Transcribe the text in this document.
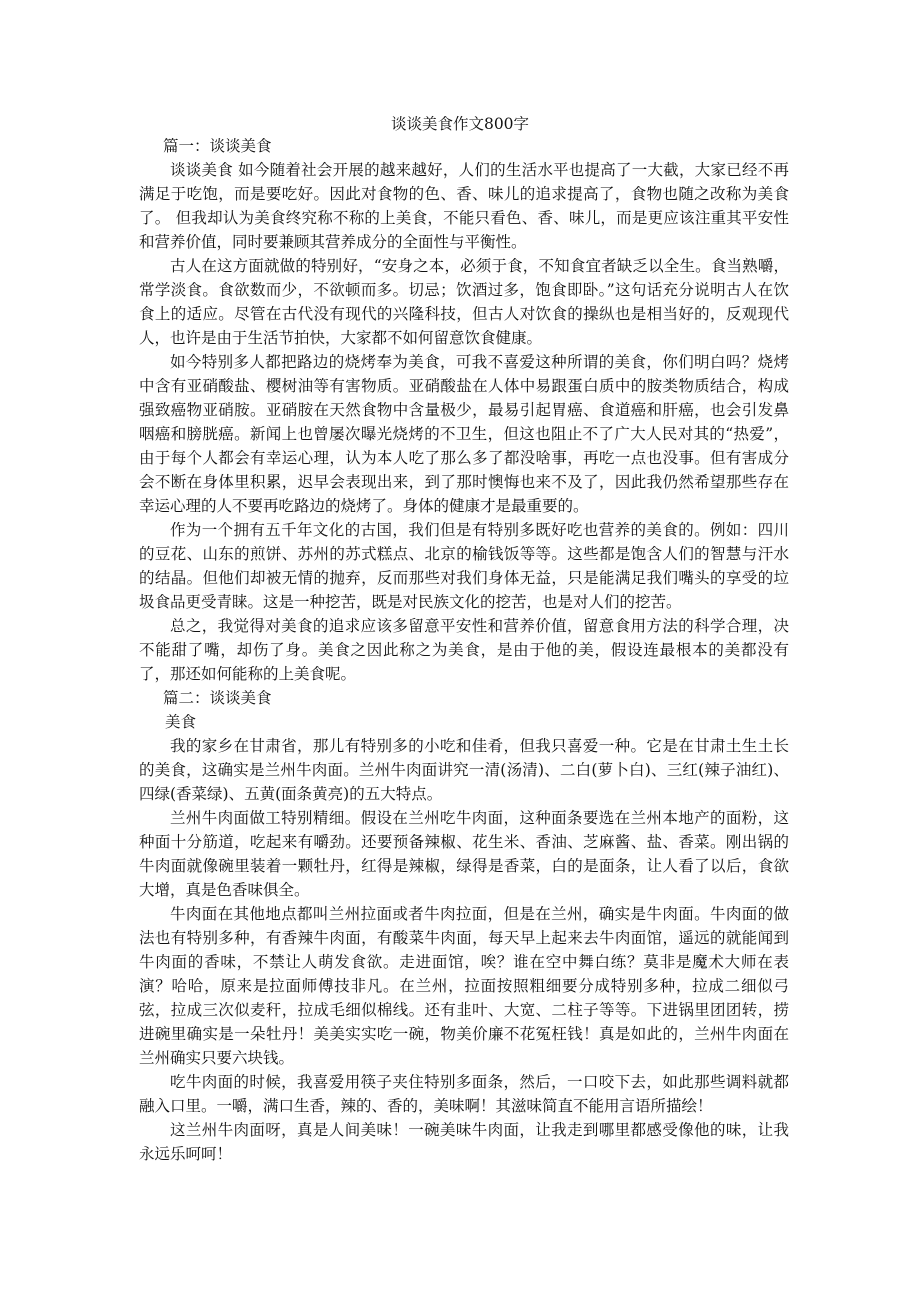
谈谈美食作文800字

篇一：谈谈美食

谈谈美食 如今随着社会开展的越来越好，人们的生活水平也提高了一大截，大家已经不再满足于吃饱，而是要吃好。因此对食物的色、香、味儿的追求提高了，食物也随之改称为美食了。 但我却认为美食终究称不称的上美食，不能只看色、香、味儿，而是更应该注重其平安性和营养价值，同时要兼顾其营养成分的全面性与平衡性。

古人在这方面就做的特别好，“安身之本，必须于食，不知食宜者缺乏以全生。食当熟嚼，常学淡食。食欲数而少，不欲顿而多。切忌；饮酒过多，饱食即卧。”这句话充分说明古人在饮食上的适应。尽管在古代没有现代的兴隆科技，但古人对饮食的操纵也是相当好的，反观现代人，也许是由于生活节拍快，大家都不如何留意饮食健康。

如今特别多人都把路边的烧烤奉为美食，可我不喜爱这种所谓的美食，你们明白吗？烧烤中含有亚硝酸盐、樱树油等有害物质。亚硝酸盐在人体中易跟蛋白质中的胺类物质结合，构成强致癌物亚硝胺。亚硝胺在天然食物中含量极少，最易引起胃癌、食道癌和肝癌，也会引发鼻咽癌和膀胱癌。新闻上也曾屡次曝光烧烤的不卫生，但这也阻止不了广大人民对其的“热爱”，由于每个人都会有幸运心理，认为本人吃了那么多了都没啥事，再吃一点也没事。但有害成分会不断在身体里积累，迟早会表现出来，到了那时懊悔也来不及了，因此我仍然希望那些存在幸运心理的人不要再吃路边的烧烤了。身体的健康才是最重要的。

作为一个拥有五千年文化的古国，我们但是有特别多既好吃也营养的美食的。例如：四川的豆花、山东的煎饼、苏州的苏式糕点、北京的榆钱饭等等。这些都是饱含人们的智慧与汗水的结晶。但他们却被无情的抛弃，反而那些对我们身体无益，只是能满足我们嘴头的享受的垃圾食品更受青睐。这是一种挖苦，既是对民族文化的挖苦，也是对人们的挖苦。

总之，我觉得对美食的追求应该多留意平安性和营养价值，留意食用方法的科学合理，决不能甜了嘴，却伤了身。美食之因此称之为美食，是由于他的美，假设连最根本的美都没有了，那还如何能称的上美食呢。

篇二：谈谈美食

美食

我的家乡在甘肃省，那儿有特别多的小吃和佳肴，但我只喜爱一种。它是在甘肃土生土长的美食，这确实是兰州牛肉面。兰州牛肉面讲究一清(汤清)、二白(萝卜白)、三红(辣子油红)、四绿(香菜绿)、五黄(面条黄亮)的五大特点。

兰州牛肉面做工特别精细。假设在兰州吃牛肉面，这种面条要选在兰州本地产的面粉，这种面十分筋道，吃起来有嚼劲。还要预备辣椒、花生米、香油、芝麻酱、盐、香菜。刚出锅的牛肉面就像碗里装着一颗牡丹，红得是辣椒，绿得是香菜，白的是面条，让人看了以后，食欲大增，真是色香味俱全。

牛肉面在其他地点都叫兰州拉面或者牛肉拉面，但是在兰州，确实是牛肉面。牛肉面的做法也有特别多种，有香辣牛肉面，有酸菜牛肉面，每天早上起来去牛肉面馆，遥远的就能闻到牛肉面的香味，不禁让人萌发食欲。走进面馆，唉？谁在空中舞白练？莫非是魔术大师在表演？哈哈，原来是拉面师傅技非凡。在兰州，拉面按照粗细要分成特别多种，拉成二细似弓弦，拉成三次似麦秆，拉成毛细似棉线。还有韭叶、大宽、二柱子等等。下进锅里团团转，捞进碗里确实是一朵牡丹！美美实实吃一碗，物美价廉不花冤枉钱！真是如此的，兰州牛肉面在兰州确实只要六块钱。

吃牛肉面的时候，我喜爱用筷子夹住特别多面条，然后，一口咬下去，如此那些调料就都融入口里。一嚼，满口生香，辣的、香的，美味啊！其滋味简直不能用言语所描绘！

这兰州牛肉面呀，真是人间美味！一碗美味牛肉面，让我走到哪里都感受像他的味，让我永远乐呵呵！
